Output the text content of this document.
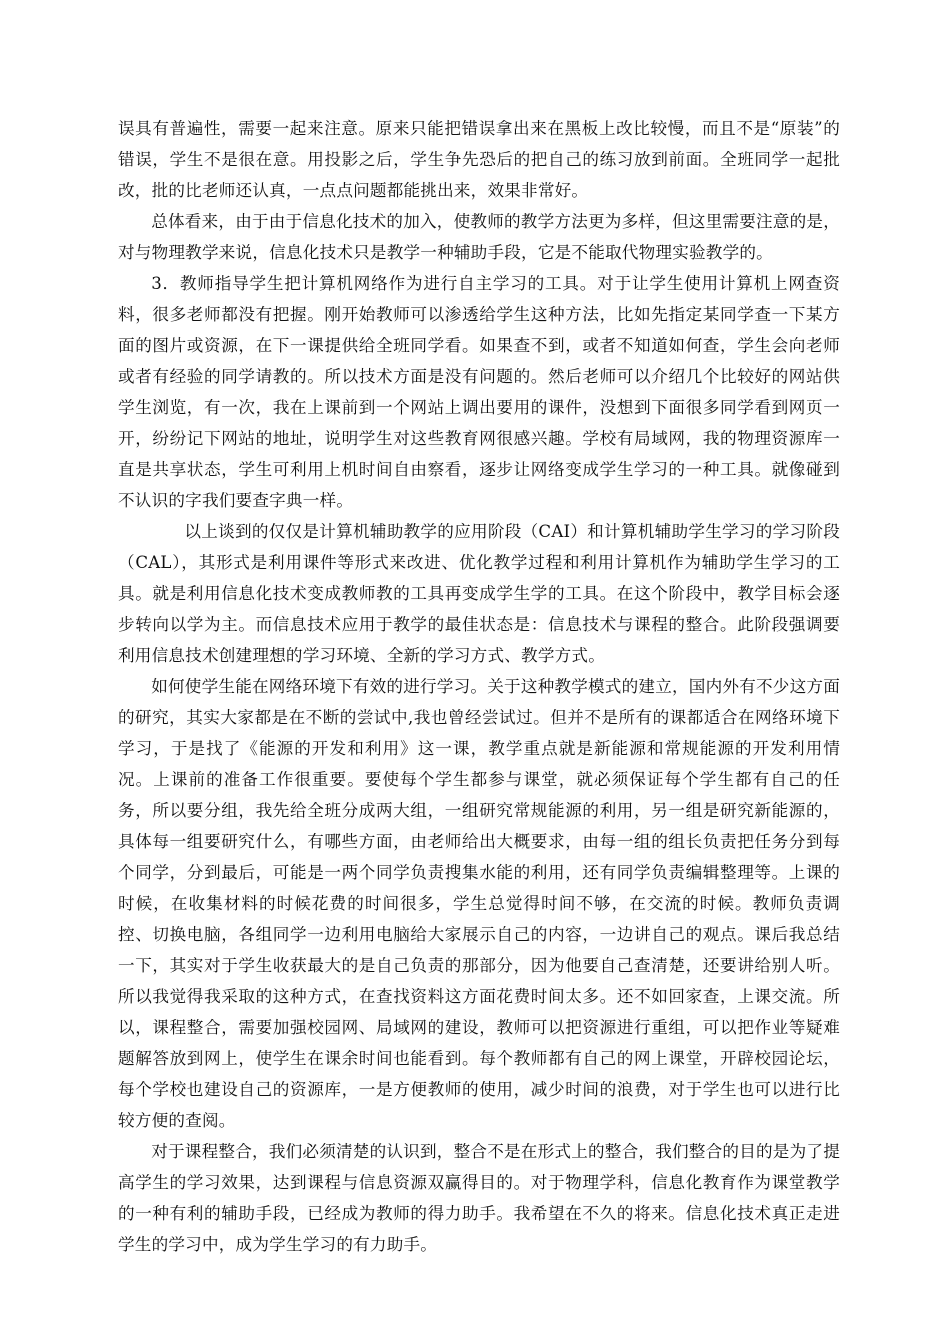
误具有普遍性，需要一起来注意。原来只能把错误拿出来在黑板上改比较慢，而且不是“原装”的错误，学生不是很在意。用投影之后，学生争先恐后的把自己的练习放到前面。全班同学一起批改，批的比老师还认真，一点点问题都能挑出来，效果非常好。

总体看来，由于由于信息化技术的加入，使教师的教学方法更为多样，但这里需要注意的是，对与物理教学来说，信息化技术只是教学一种辅助手段，它是不能取代物理实验教学的。

3．教师指导学生把计算机网络作为进行自主学习的工具。对于让学生使用计算机上网查资料，很多老师都没有把握。刚开始教师可以渗透给学生这种方法，比如先指定某同学查一下某方面的图片或资源，在下一课提供给全班同学看。如果查不到，或者不知道如何查，学生会向老师或者有经验的同学请教的。所以技术方面是没有问题的。然后老师可以介绍几个比较好的网站供学生浏览，有一次，我在上课前到一个网站上调出要用的课件，没想到下面很多同学看到网页一开，纷纷记下网站的地址，说明学生对这些教育网很感兴趣。学校有局域网，我的物理资源库一直是共享状态，学生可利用上机时间自由察看，逐步让网络变成学生学习的一种工具。就像碰到不认识的字我们要查字典一样。

以上谈到的仅仅是计算机辅助教学的应用阶段（CAI）和计算机辅助学生学习的学习阶段（CAL），其形式是利用课件等形式来改进、优化教学过程和利用计算机作为辅助学生学习的工具。就是利用信息化技术变成教师教的工具再变成学生学的工具。在这个阶段中，教学目标会逐步转向以学为主。而信息技术应用于教学的最佳状态是：信息技术与课程的整合。此阶段强调要利用信息技术创建理想的学习环境、全新的学习方式、教学方式。

如何使学生能在网络环境下有效的进行学习。关于这种教学模式的建立，国内外有不少这方面的研究，其实大家都是在不断的尝试中,我也曾经尝试过。但并不是所有的课都适合在网络环境下学习，于是找了《能源的开发和利用》这一课，教学重点就是新能源和常规能源的开发利用情况。上课前的准备工作很重要。要使每个学生都参与课堂，就必须保证每个学生都有自己的任务，所以要分组，我先给全班分成两大组，一组研究常规能源的利用，另一组是研究新能源的，具体每一组要研究什么，有哪些方面，由老师给出大概要求，由每一组的组长负责把任务分到每个同学，分到最后，可能是一两个同学负责搜集水能的利用，还有同学负责编辑整理等。上课的时候，在收集材料的时候花费的时间很多，学生总觉得时间不够，在交流的时候。教师负责调控、切换电脑，各组同学一边利用电脑给大家展示自己的内容，一边讲自己的观点。课后我总结一下，其实对于学生收获最大的是自己负责的那部分，因为他要自己查清楚，还要讲给别人听。所以我觉得我采取的这种方式，在查找资料这方面花费时间太多。还不如回家查，上课交流。所以，课程整合，需要加强校园网、局域网的建设，教师可以把资源进行重组，可以把作业等疑难题解答放到网上，使学生在课余时间也能看到。每个教师都有自己的网上课堂，开辟校园论坛，每个学校也建设自己的资源库，一是方便教师的使用，减少时间的浪费，对于学生也可以进行比较方便的查阅。

对于课程整合，我们必须清楚的认识到，整合不是在形式上的整合，我们整合的目的是为了提高学生的学习效果，达到课程与信息资源双赢得目的。对于物理学科，信息化教育作为课堂教学的一种有利的辅助手段，已经成为教师的得力助手。我希望在不久的将来。信息化技术真正走进学生的学习中，成为学生学习的有力助手。
